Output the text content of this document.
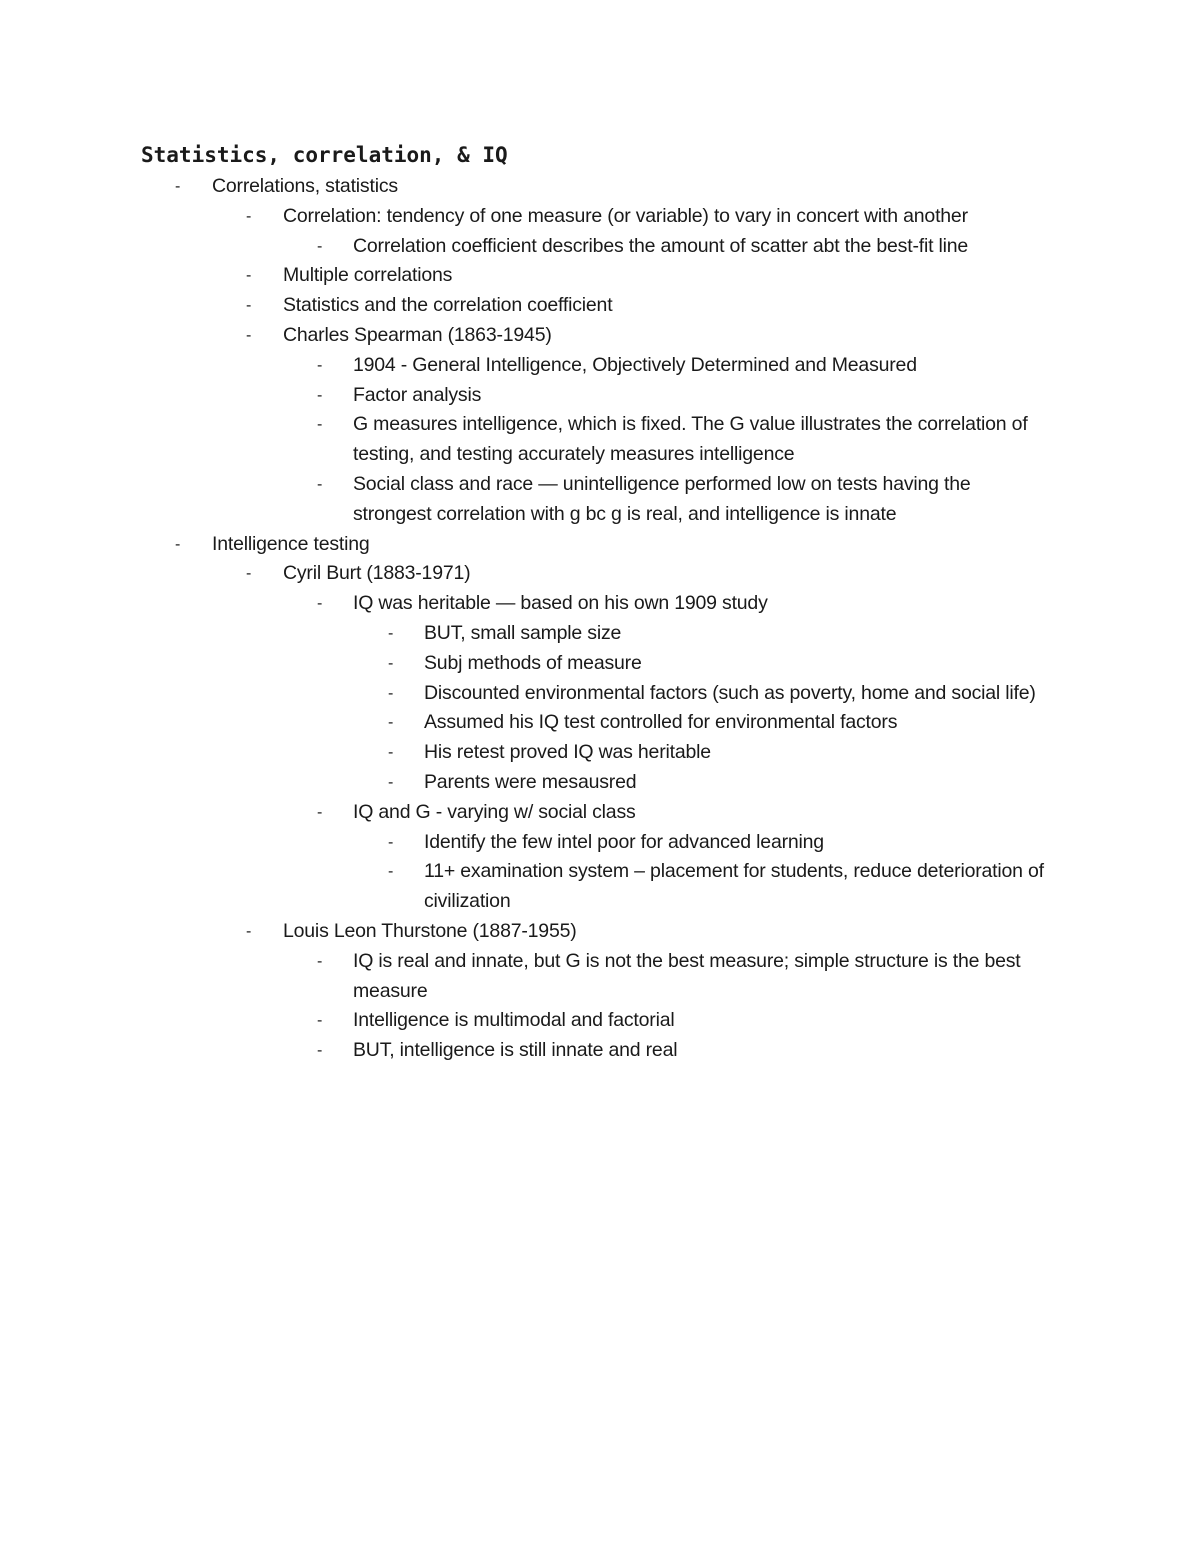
Statistics, correlation, & IQ
- Correlations, statistics
- Correlation: tendency of one measure (or variable) to vary in concert with another
- Correlation coefficient describes the amount of scatter abt the best-fit line
- Multiple correlations
- Statistics and the correlation coefficient
- Charles Spearman (1863-1945)
- 1904 - General Intelligence, Objectively Determined and Measured
- Factor analysis
- G measures intelligence, which is fixed. The G value illustrates the correlation of testing, and testing accurately measures intelligence
- Social class and race — unintelligence performed low on tests having the strongest correlation with g bc g is real, and intelligence is innate
- Intelligence testing
- Cyril Burt (1883-1971)
- IQ was heritable — based on his own 1909 study
- BUT, small sample size
- Subj methods of measure
- Discounted environmental factors (such as poverty, home and social life)
- Assumed his IQ test controlled for environmental factors
- His retest proved IQ was heritable
- Parents were mesausred
- IQ and G - varying w/ social class
- Identify the few intel poor for advanced learning
- 11+ examination system – placement for students, reduce deterioration of civilization
- Louis Leon Thurstone (1887-1955)
- IQ is real and innate, but G is not the best measure; simple structure is the best measure
- Intelligence is multimodal and factorial
- BUT, intelligence is still innate and real
